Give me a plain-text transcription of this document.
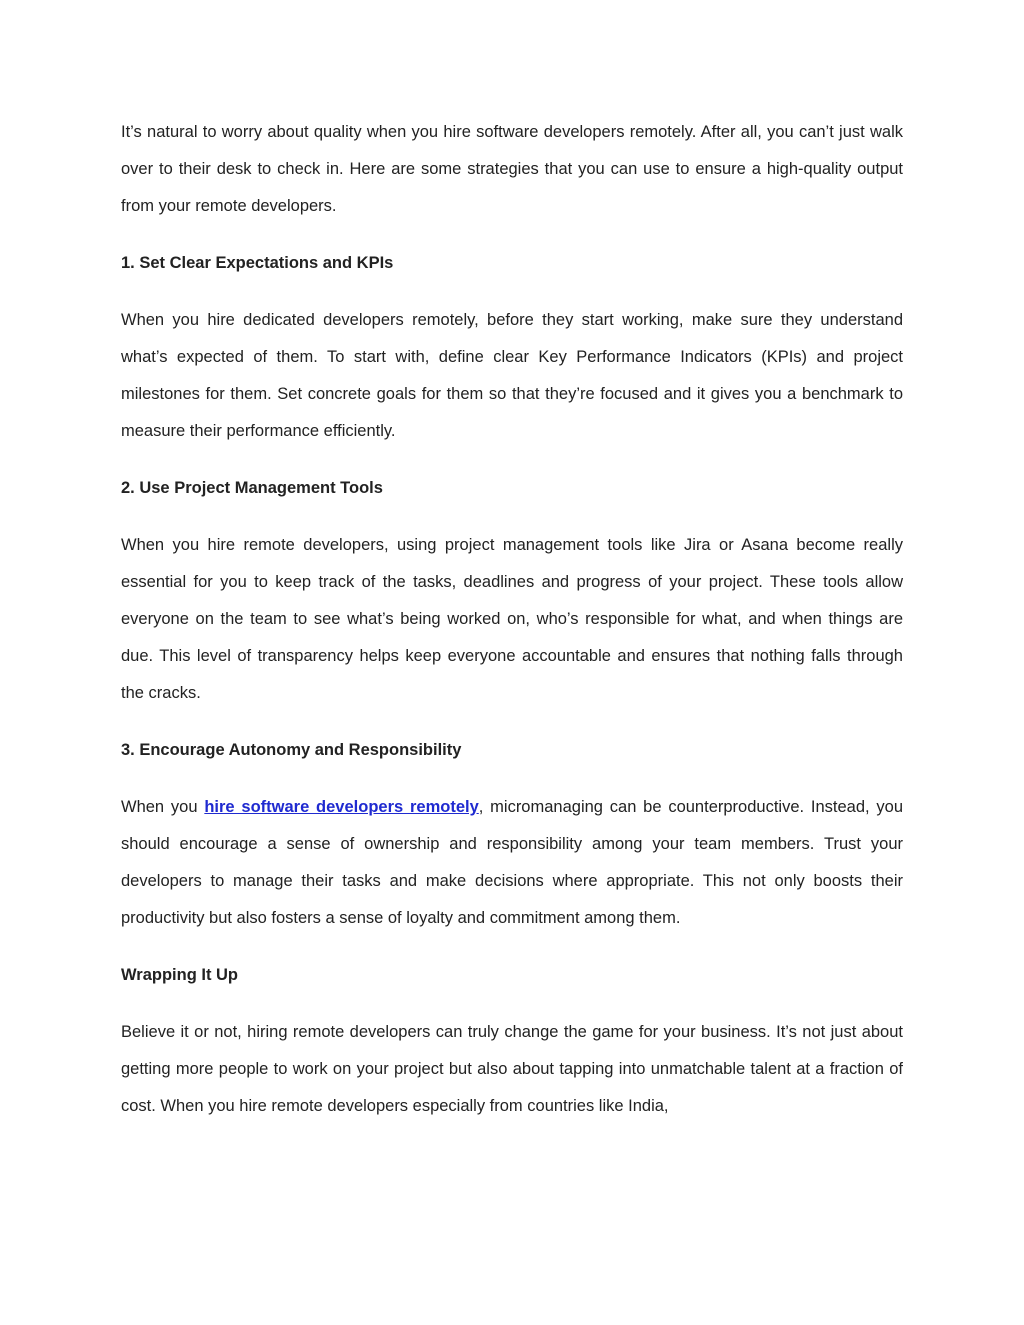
It’s natural to worry about quality when you hire software developers remotely. After all, you can’t just walk over to their desk to check in. Here are some strategies that you can use to ensure a high-quality output from your remote developers.

1. Set Clear Expectations and KPIs

When you hire dedicated developers remotely, before they start working, make sure they understand what’s expected of them. To start with, define clear Key Performance Indicators (KPIs) and project milestones for them. Set concrete goals for them so that they’re focused and it gives you a benchmark to measure their performance efficiently.

2. Use Project Management Tools

When you hire remote developers, using project management tools like Jira or Asana become really essential for you to keep track of the tasks, deadlines and progress of your project. These tools allow everyone on the team to see what’s being worked on, who’s responsible for what, and when things are due. This level of transparency helps keep everyone accountable and ensures that nothing falls through the cracks.

3. Encourage Autonomy and Responsibility

When you hire software developers remotely, micromanaging can be counterproductive. Instead, you should encourage a sense of ownership and responsibility among your team members. Trust your developers to manage their tasks and make decisions where appropriate. This not only boosts their productivity but also fosters a sense of loyalty and commitment among them.

Wrapping It Up

Believe it or not, hiring remote developers can truly change the game for your business. It’s not just about getting more people to work on your project but also about tapping into unmatchable talent at a fraction of cost. When you hire remote developers especially from countries like India,
